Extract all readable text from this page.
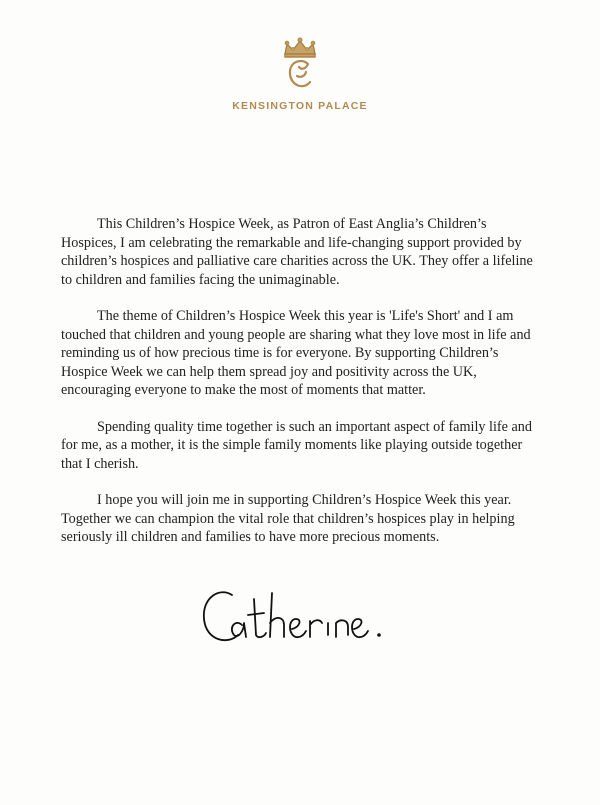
KENSINGTON PALACE

This Children’s Hospice Week, as Patron of East Anglia’s Children’s Hospices, I am celebrating the remarkable and life-changing support provided by children’s hospices and palliative care charities across the UK. They offer a lifeline to children and families facing the unimaginable.

The theme of Children’s Hospice Week this year is 'Life's Short' and I am touched that children and young people are sharing what they love most in life and reminding us of how precious time is for everyone. By supporting Children’s Hospice Week we can help them spread joy and positivity across the UK, encouraging everyone to make the most of moments that matter.

Spending quality time together is such an important aspect of family life and for me, as a mother, it is the simple family moments like playing outside together that I cherish.

I hope you will join me in supporting Children’s Hospice Week this year. Together we can champion the vital role that children’s hospices play in helping seriously ill children and families to have more precious moments.
